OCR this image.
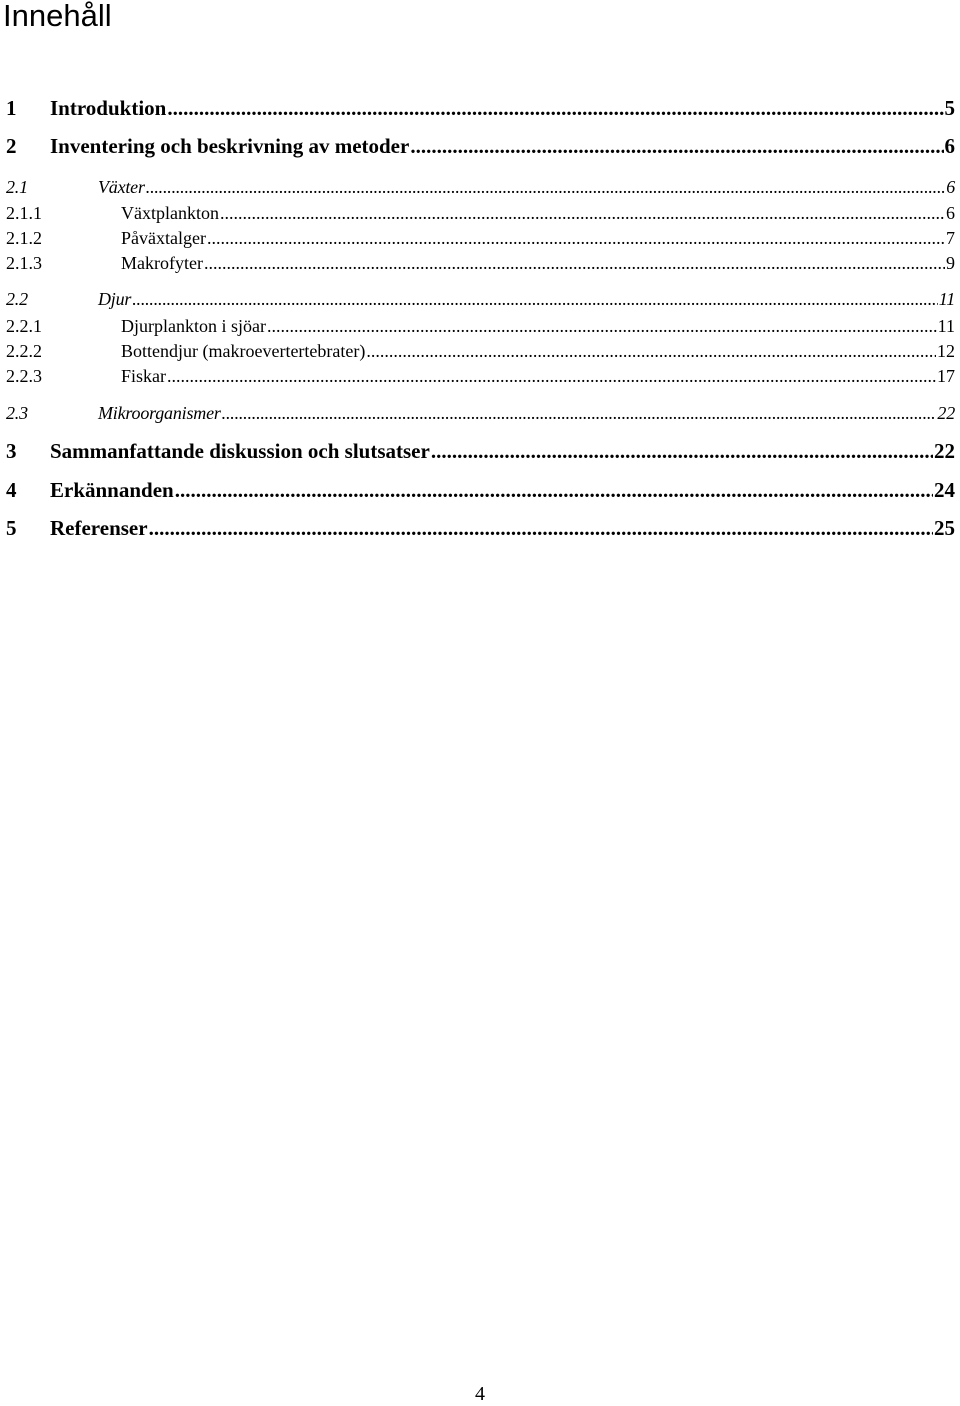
Innehåll
1	Introduktion .....	5
2	Inventering och beskrivning av metoder .....	6
2.1	Växter .....	6
2.1.1	Växtplankton .....	6
2.1.2	Påväxtalger .....	7
2.1.3	Makrofyter .....	9
2.2	Djur .....	11
2.2.1	Djurplankton i sjöar .....	11
2.2.2	Bottendjur (makroevertertebrater) .....	12
2.2.3	Fiskar .....	17
2.3	Mikroorganismer .....	22
3	Sammanfattande diskussion och slutsatser .....	22
4	Erkännanden .....	24
5	Referenser .....	25
4
